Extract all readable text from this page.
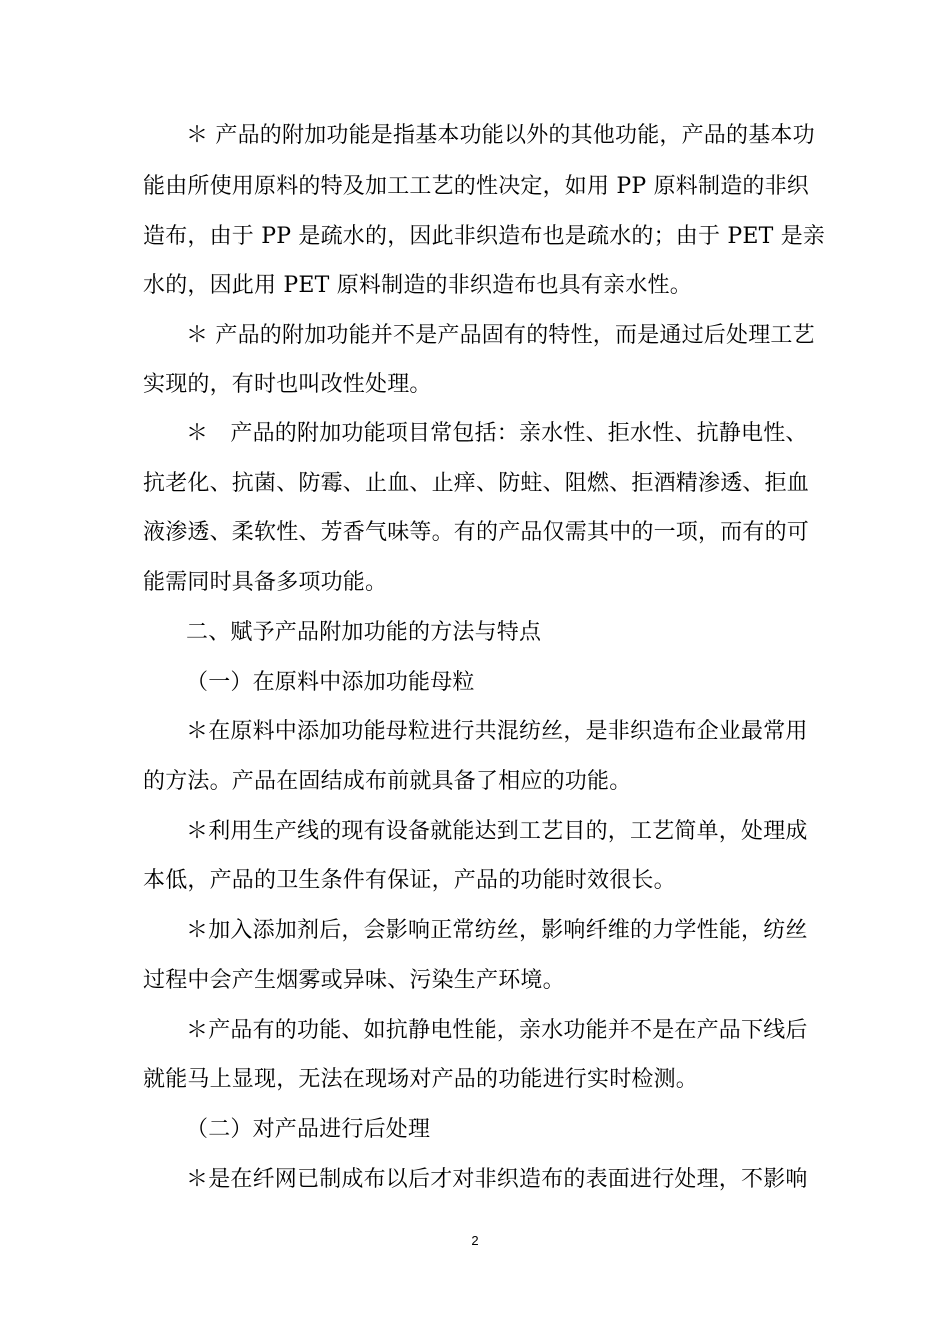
＊ 产品的附加功能是指基本功能以外的其他功能，产品的基本功
能由所使用原料的特及加工工艺的性决定，如用 PP 原料制造的非织
造布，由于 PP 是疏水的，因此非织造布也是疏水的；由于 PET 是亲
水的，因此用 PET 原料制造的非织造布也具有亲水性。
＊ 产品的附加功能并不是产品固有的特性，而是通过后处理工艺
实现的，有时也叫改性处理。
＊　产品的附加功能项目常包括：亲水性、拒水性、抗静电性、
抗老化、抗菌、防霉、止血、止痒、防蛀、阻燃、拒酒精渗透、拒血
液渗透、柔软性、芳香气味等。有的产品仅需其中的一项，而有的可
能需同时具备多项功能。
二、赋予产品附加功能的方法与特点
（一）在原料中添加功能母粒
＊在原料中添加功能母粒进行共混纺丝，是非织造布企业最常用
的方法。产品在固结成布前就具备了相应的功能。
＊利用生产线的现有设备就能达到工艺目的，工艺简单，处理成
本低，产品的卫生条件有保证，产品的功能时效很长。
＊加入添加剂后，会影响正常纺丝，影响纤维的力学性能，纺丝
过程中会产生烟雾或异味、污染生产环境。
＊产品有的功能、如抗静电性能，亲水功能并不是在产品下线后
就能马上显现，无法在现场对产品的功能进行实时检测。
（二）对产品进行后处理
＊是在纤网已制成布以后才对非织造布的表面进行处理，不影响
2
